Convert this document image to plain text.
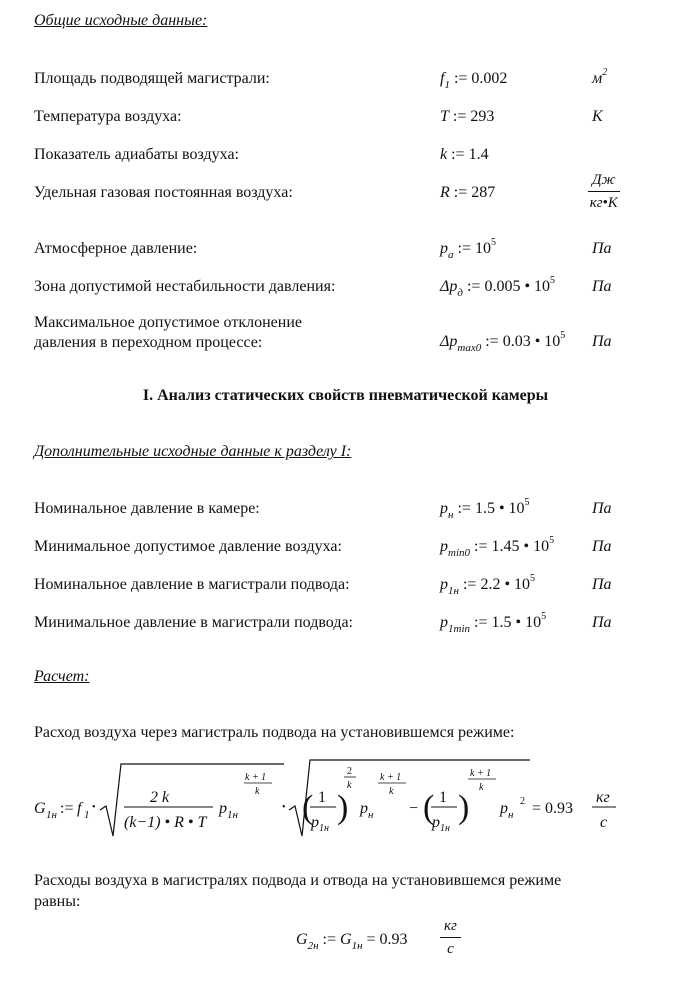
Общие исходные данные:
Площадь подводящей магистрали:	$f_1$ := 0.002	$м^2$
Температура воздуха:	T := 293	K
Показатель адиабаты воздуха:	k := 1.4
Удельная газовая постоянная воздуха:	R := 287
Дж
кг•K
Атмосферное давление:	$p_a$ := $10^5$	Па
Зона допустимой нестабильности давления:	$\Delta p_д$ := 0.005 • $10^5$ Па
Максимальное допустимое отклонение
давления в переходном процессе:	$\Delta p_{max0}$ := 0.03 • $10^5$ Па
I. Анализ статических свойств пневматической камеры
Дополнительные исходные данные к разделу I:
Номинальное давление в камере:	$p_н$ := 1.5 • $10^5$	Па
Минимальное допустимое давление воздуха:	$p_{min0}$ := 1.45 • $10^5$ Па
Номинальное давление в магистрали подвода:	$p_{1н}$ := 2.2 • $10^5$	Па
Минимальное давление в магистрали подвода:	$p_{1min}$ := 1.5 • $10^5$	Па
Расчет:
Расход воздуха через магистраль подвода на установившемся режиме:
G 1н := f 1
•
2 k
(k−1) • R • T
p 1н
k + 1
k
• ( 1
p 1н
)
2
k
p н
k + 1
k
− ( 1
p 1н
)
k + 1
k
p н
2 = 0.93
кг
с
Расходы воздуха в магистралях подвода и отвода на установившемся режиме
равны:
$G_{2н}$ := $G_{1н} = 0.93$
кг
с
